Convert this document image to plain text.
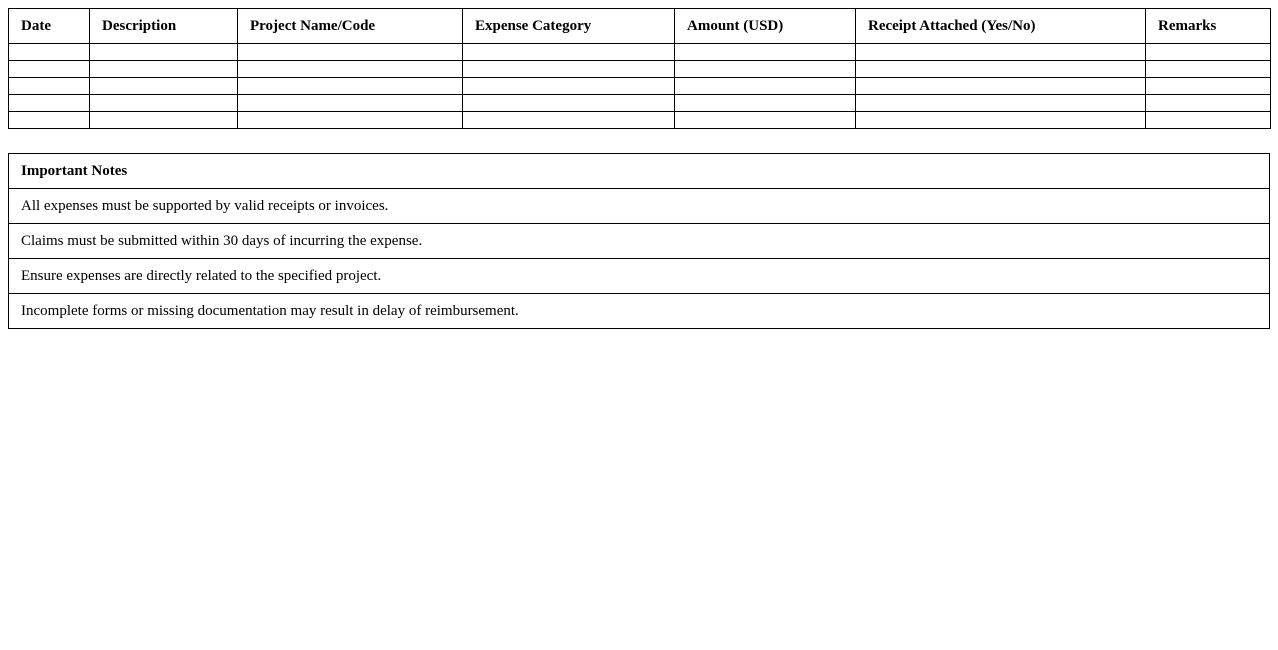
Date	Description	Project Name/Code	Expense Category	Amount (USD)	Receipt Attached (Yes/No)	Remarks

Important Notes
All expenses must be supported by valid receipts or invoices.
Claims must be submitted within 30 days of incurring the expense.
Ensure expenses are directly related to the specified project.
Incomplete forms or missing documentation may result in delay of reimbursement.
